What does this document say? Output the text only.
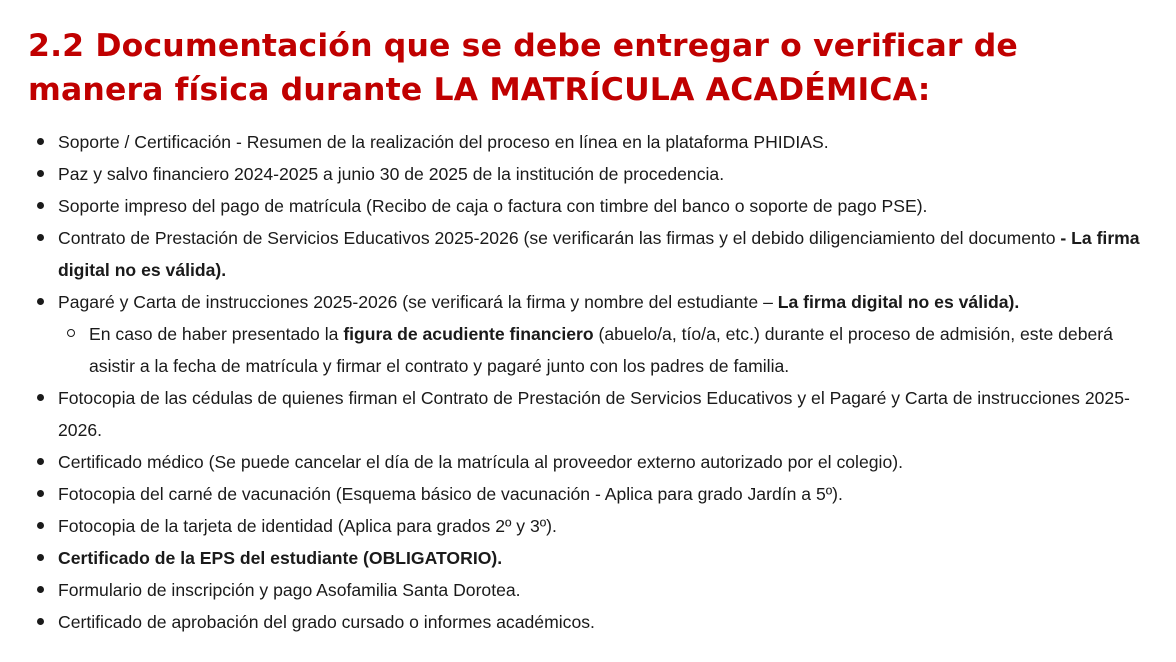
2.2 Documentación que se debe entregar o verificar de
manera física durante LA MATRÍCULA ACADÉMICA:
Soporte / Certificación - Resumen de la realización del proceso en línea en la plataforma PHIDIAS.
Paz y salvo financiero 2024-2025 a junio 30 de 2025 de la institución de procedencia.
Soporte impreso del pago de matrícula (Recibo de caja o factura con timbre del banco o soporte de pago PSE).
Contrato de Prestación de Servicios Educativos 2025-2026 (se verificarán las firmas y el debido diligenciamiento del documento - La firma digital no es válida).
Pagaré y Carta de instrucciones 2025-2026 (se verificará la firma y nombre del estudiante – La firma digital no es válida).
En caso de haber presentado la figura de acudiente financiero (abuelo/a, tío/a, etc.) durante el proceso de admisión, este deberá asistir a la fecha de matrícula y firmar el contrato y pagaré junto con los padres de familia.
Fotocopia de las cédulas de quienes firman el Contrato de Prestación de Servicios Educativos y el Pagaré y Carta de instrucciones 2025-2026.
Certificado médico (Se puede cancelar el día de la matrícula al proveedor externo autorizado por el colegio).
Fotocopia del carné de vacunación (Esquema básico de vacunación - Aplica para grado Jardín a 5º).
Fotocopia de la tarjeta de identidad (Aplica para grados 2º y 3º).
Certificado de la EPS del estudiante (OBLIGATORIO).
Formulario de inscripción y pago Asofamilia Santa Dorotea.
Certificado de aprobación del grado cursado o informes académicos.
